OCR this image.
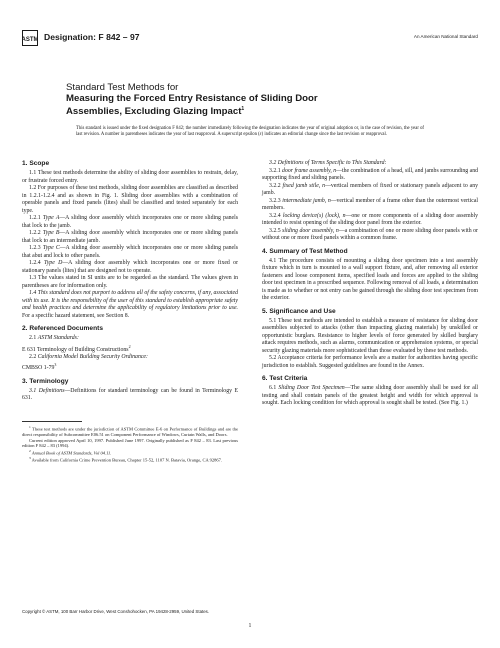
ASTM Designation: F 842 – 97	An American National Standard
Standard Test Methods for
Measuring the Forced Entry Resistance of Sliding Door
Assemblies, Excluding Glazing Impact$^1$
This standard is issued under the fixed designation F 842; the number immediately following the designation indicates the year of original adoption or, in the case of revision, the year of last revision. A number in parentheses indicates the year of last reapproval. A superscript epsilon (ε) indicates an editorial change since the last revision or reapproval.
1. Scope

1.1 These test methods determine the ability of sliding door assemblies to restrain, delay, or frustrate forced entry.

1.2 For purposes of these test methods, sliding door assemblies are classified as described in 1.2.1-1.2.4 and as shown in Fig. 1. Sliding door assemblies with a combination of operable panels and fixed panels (lites) shall be classified and tested separately for each type.

1.2.1 Type A—A sliding door assembly which incorporates one or more sliding panels that lock to the jamb.

1.2.2 Type B—A sliding door assembly which incorporates one or more sliding panels that lock to an intermediate jamb.

1.2.3 Type C—A sliding door assembly which incorporates one or more sliding panels that abut and lock to other panels.

1.2.4 Type D—A sliding door assembly which incorporates one or more fixed or stationary panels (lites) that are designed not to operate.

1.3 The values stated in SI units are to be regarded as the standard. The values given in parentheses are for information only.

1.4 This standard does not purport to address all of the safety concerns, if any, associated with its use. It is the responsibility of the user of this standard to establish appropriate safety and health practices and determine the applicability of regulatory limitations prior to use. For a specific hazard statement, see Section 8.

2. Referenced Documents

2.1 ASTM Standards:

E 631 Terminology of Building Constructions$^2$

2.2 California Model Building Security Ordinance:

CMBSO $1-79^3$

3. Terminology

3.1 Definitions—Definitions for standard terminology can be found in Terminology E 631.

$^1$ These test methods are under the jurisdiction of ASTM Committee E-6 on Performance of Buildings and are the direct responsibility of Subcommittee E06.51 on Component Performance of Windows, Curtain Walls, and Doors.

Current edition approved April 10, 1997. Published June 1997. Originally published as F 842 – 83. Last previous edition F 842 – 83 (1994).

$^2$ Annual Book of ASTM Standards, Vol 04.11.

$^3$ Available from California Crime Prevention Bureau, Chapter 15-52, 1107 N. Batavia, Orange, CA 92867.

3.2 Definitions of Terms Specific to This Standard:

3.2.1 door frame assembly, n—the combination of a head, sill, and jambs surrounding and supporting fixed and sliding panels.

3.2.2 fixed jamb stile, n—vertical members of fixed or stationary panels adjacent to any jamb.

3.2.3 intermediate jamb, n—vertical member of a frame other than the outermost vertical members.

3.2.4 locking device(s) (lock), n—one or more components of a sliding door assembly intended to resist opening of the sliding door panel from the exterior.

3.2.5 sliding door assembly, n—a combination of one or more sliding door panels with or without one or more fixed panels within a common frame.

4. Summary of Test Method

4.1 The procedure consists of mounting a sliding door specimen into a test assembly fixture which in turn is mounted to a wall support fixture, and, after removing all exterior fasteners and loose component items, specified loads and forces are applied to the sliding door test specimen in a prescribed sequence. Following removal of all loads, a determination is made as to whether or not entry can be gained through the sliding door test specimen from the exterior.

5. Significance and Use

5.1 These test methods are intended to establish a measure of resistance for sliding door assemblies subjected to attacks (other than impacting glazing materials) by unskilled or opportunistic burglars. Resistance to higher levels of force generated by skilled burglary attack requires methods, such as alarms, communication or apprehension systems, or special security glazing materials more sophisticated than those evaluated by these test methods.

5.2 Acceptance criteria for performance levels are a matter for authorities having specific jurisdiction to establish. Suggested guidelines are found in the Annex.

6. Test Criteria

6.1 Sliding Door Test Specimen—The same sliding door assembly shall be used for all testing and shall contain panels of the greatest height and width for which approval is sought. Each locking condition for which approval is sought shall be tested. (See Fig. 1.)

Copyright © ASTM, 100 Barr Harbor Drive, West Conshohocken, PA 19428-2959, United States.
1
